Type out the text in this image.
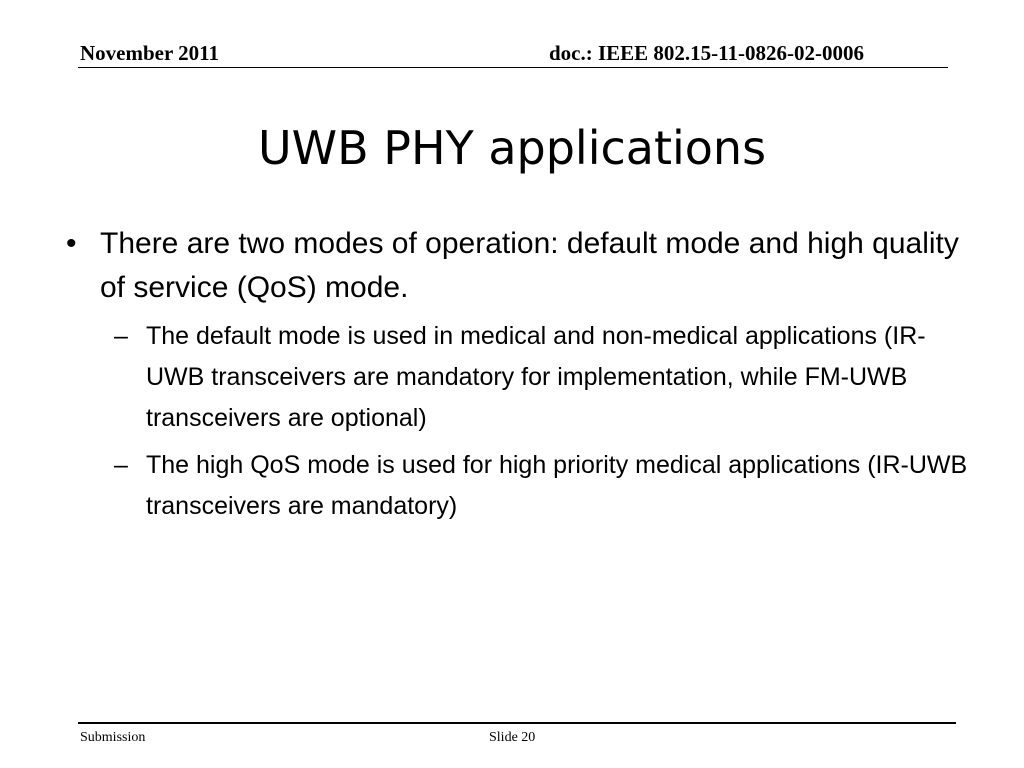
November 2011	doc.: IEEE 802.15-11-0826-02-0006
UWB PHY applications
• There are two modes of operation: default mode and high quality of service (QoS) mode.
– The default mode is used in medical and non-medical applications (IR-UWB transceivers are mandatory for implementation, while FM-UWB transceivers are optional)
– The high QoS mode is used for high priority medical applications (IR-UWB transceivers are mandatory)
Submission	Slide 20
